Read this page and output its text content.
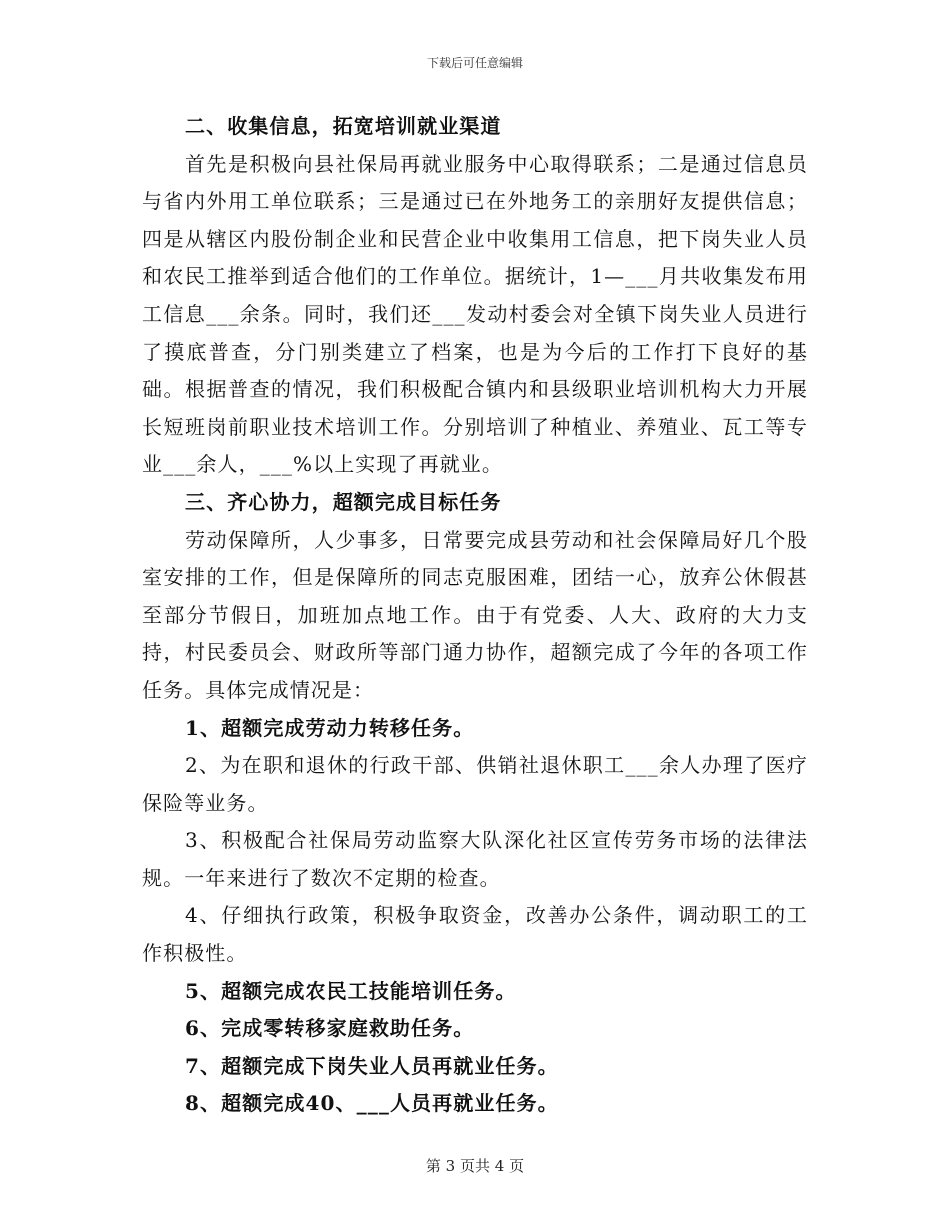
下载后可任意编辑

二、收集信息，拓宽培训就业渠道

首先是积极向县社保局再就业服务中心取得联系；二是通过信息员与省内外用工单位联系；三是通过已在外地务工的亲朋好友提供信息；四是从辖区内股份制企业和民营企业中收集用工信息，把下岗失业人员和农民工推举到适合他们的工作单位。据统计，1—___月共收集发布用工信息___余条。同时，我们还___发动村委会对全镇下岗失业人员进行了摸底普查，分门别类建立了档案，也是为今后的工作打下良好的基础。根据普查的情况，我们积极配合镇内和县级职业培训机构大力开展长短班岗前职业技术培训工作。分别培训了种植业、养殖业、瓦工等专业___余人，___%以上实现了再就业。

三、齐心协力，超额完成目标任务

劳动保障所，人少事多，日常要完成县劳动和社会保障局好几个股室安排的工作，但是保障所的同志克服困难，团结一心，放弃公休假甚至部分节假日，加班加点地工作。由于有党委、人大、政府的大力支持，村民委员会、财政所等部门通力协作，超额完成了今年的各项工作任务。具体完成情况是：

1、超额完成劳动力转移任务。

2、为在职和退休的行政干部、供销社退休职工___余人办理了医疗保险等业务。

3、积极配合社保局劳动监察大队深化社区宣传劳务市场的法律法规。一年来进行了数次不定期的检查。

4、仔细执行政策，积极争取资金，改善办公条件，调动职工的工作积极性。

5、超额完成农民工技能培训任务。

6、完成零转移家庭救助任务。

7、超额完成下岗失业人员再就业任务。

8、超额完成40、___人员再就业任务。

第 3 页共 4 页
